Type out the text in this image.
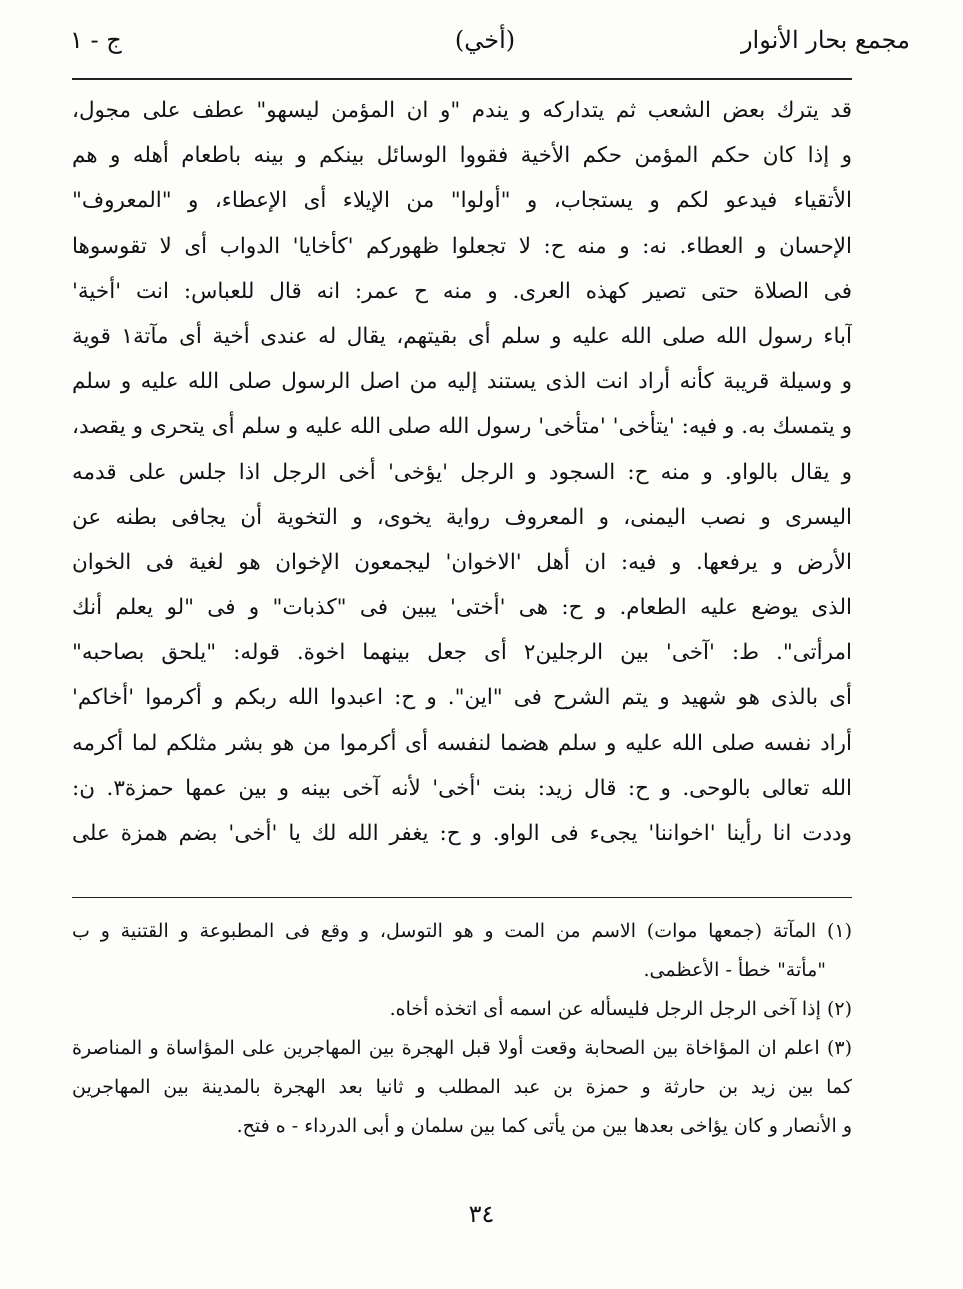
مجمع بحار الأنوار
(أخي)
ج - ١
قد يترك بعض الشعب ثم يتداركه و يندم "و ان المؤمن ليسهو" عطف على مجول،
و إذا كان حكم المؤمن حكم الأخية فقووا الوسائل بينكم و بينه باطعام أهله و هم
الأتقياء فيدعو لكم و يستجاب، و "أولوا" من الإيلاء أى الإعطاء، و "المعروف"
الإحسان و العطاء. نه: و منه ح: لا تجعلوا ظهوركم 'كأخايا' الدواب أى لا تقوسوها
فى الصلاة حتى تصير كهذه العرى. و منه ح عمر: انه قال للعباس: انت 'أخية'
آباء رسول الله صلى الله عليه و سلم أى بقيتهم، يقال له عندى أخية أى مآتة١ قوية
و وسيلة قريبة كأنه أراد انت الذى يستند إليه من اصل الرسول صلى الله عليه و سلم
و يتمسك به. و فيه: 'يتأخى' 'متأخى' رسول الله صلى الله عليه و سلم أى يتحرى و يقصد،
و يقال بالواو. و منه ح: السجود و الرجل 'يؤخى' أخى الرجل اذا جلس على قدمه
اليسرى و نصب اليمنى، و المعروف رواية يخوى، و التخوية أن يجافى بطنه عن
الأرض و يرفعها. و فيه: ان أهل 'الاخوان' ليجمعون الإخوان هو لغية فى الخوان
الذى يوضع عليه الطعام. و ح: هى 'أختى' يبين فى "كذبات" و فى "لو يعلم أنك
امرأتى". ط: 'آخى' بين الرجلين٢ أى جعل بينهما اخوة. قوله: "يلحق بصاحبه"
أى بالذى هو شهيد و يتم الشرح فى "اين". و ح: اعبدوا الله ربكم و أكرموا 'أخاكم'
أراد نفسه صلى الله عليه و سلم هضما لنفسه أى أكرموا من هو بشر مثلكم لما أكرمه
الله تعالى بالوحى. و ح: قال زيد: بنت 'أخى' لأنه آخى بينه و بين عمها حمزة٣. ن:
وددت انا رأينا 'اخواننا' يجىء فى الواو. و ح: يغفر الله لك يا 'أخى' بضم همزة على
(١) المآتة (جمعها موات) الاسم من المت و هو التوسل، و وقع فى المطبوعة و القتنية و ب
"مأتة" خطأ - الأعظمى.
(٢) إذا آخى الرجل الرجل فليسأله عن اسمه أى اتخذه أخاه.
(٣) اعلم ان المؤاخاة بين الصحابة وقعت أولا قبل الهجرة بين المهاجرين على المؤاساة و المناصرة
كما بين زيد بن حارثة و حمزة بن عبد المطلب و ثانيا بعد الهجرة بالمدينة بين المهاجرين
و الأنصار و كان يؤاخى بعدها بين من يأتى كما بين سلمان و أبى الدرداء - ه فتح.
٣٤
